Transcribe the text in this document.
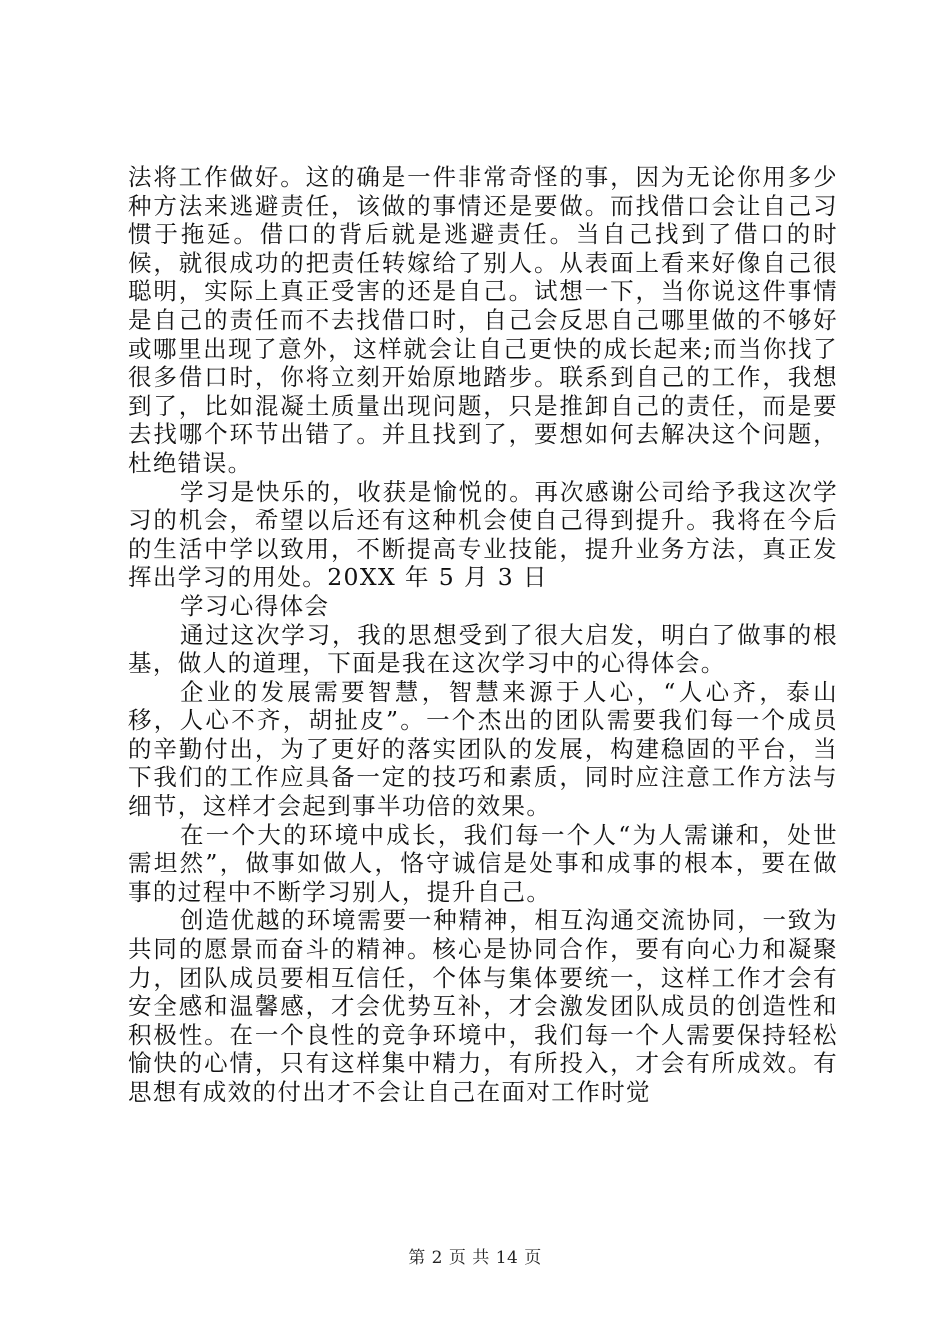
法将工作做好。这的确是一件非常奇怪的事，因为无论你用多少种方法来逃避责任，该做的事情还是要做。而找借口会让自己习惯于拖延。借口的背后就是逃避责任。当自己找到了借口的时候，就很成功的把责任转嫁给了别人。从表面上看来好像自己很聪明，实际上真正受害的还是自己。试想一下，当你说这件事情是自己的责任而不去找借口时，自己会反思自己哪里做的不够好或哪里出现了意外，这样就会让自己更快的成长起来;而当你找了很多借口时，你将立刻开始原地踏步。联系到自己的工作，我想到了，比如混凝土质量出现问题，只是推卸自己的责任，而是要去找哪个环节出错了。并且找到了，要想如何去解决这个问题，杜绝错误。

学习是快乐的，收获是愉悦的。再次感谢公司给予我这次学习的机会，希望以后还有这种机会使自己得到提升。我将在今后的生活中学以致用，不断提高专业技能，提升业务方法，真正发挥出学习的用处。20XX 年 5 月 3 日

学习心得体会

通过这次学习，我的思想受到了很大启发，明白了做事的根基，做人的道理，下面是我在这次学习中的心得体会。

企业的发展需要智慧，智慧来源于人心，“人心齐，泰山移，人心不齐，胡扯皮”。一个杰出的团队需要我们每一个成员的辛勤付出，为了更好的落实团队的发展，构建稳固的平台，当下我们的工作应具备一定的技巧和素质，同时应注意工作方法与细节，这样才会起到事半功倍的效果。

在一个大的环境中成长，我们每一个人“为人需谦和，处世需坦然”，做事如做人，恪守诚信是处事和成事的根本，要在做事的过程中不断学习别人，提升自己。

创造优越的环境需要一种精神，相互沟通交流协同，一致为共同的愿景而奋斗的精神。核心是协同合作，要有向心力和凝聚力，团队成员要相互信任，个体与集体要统一，这样工作才会有安全感和温馨感，才会优势互补，才会激发团队成员的创造性和积极性。在一个良性的竞争环境中，我们每一个人需要保持轻松愉快的心情，只有这样集中精力，有所投入，才会有所成效。有思想有成效的付出才不会让自己在面对工作时觉

第 2 页 共 14 页
